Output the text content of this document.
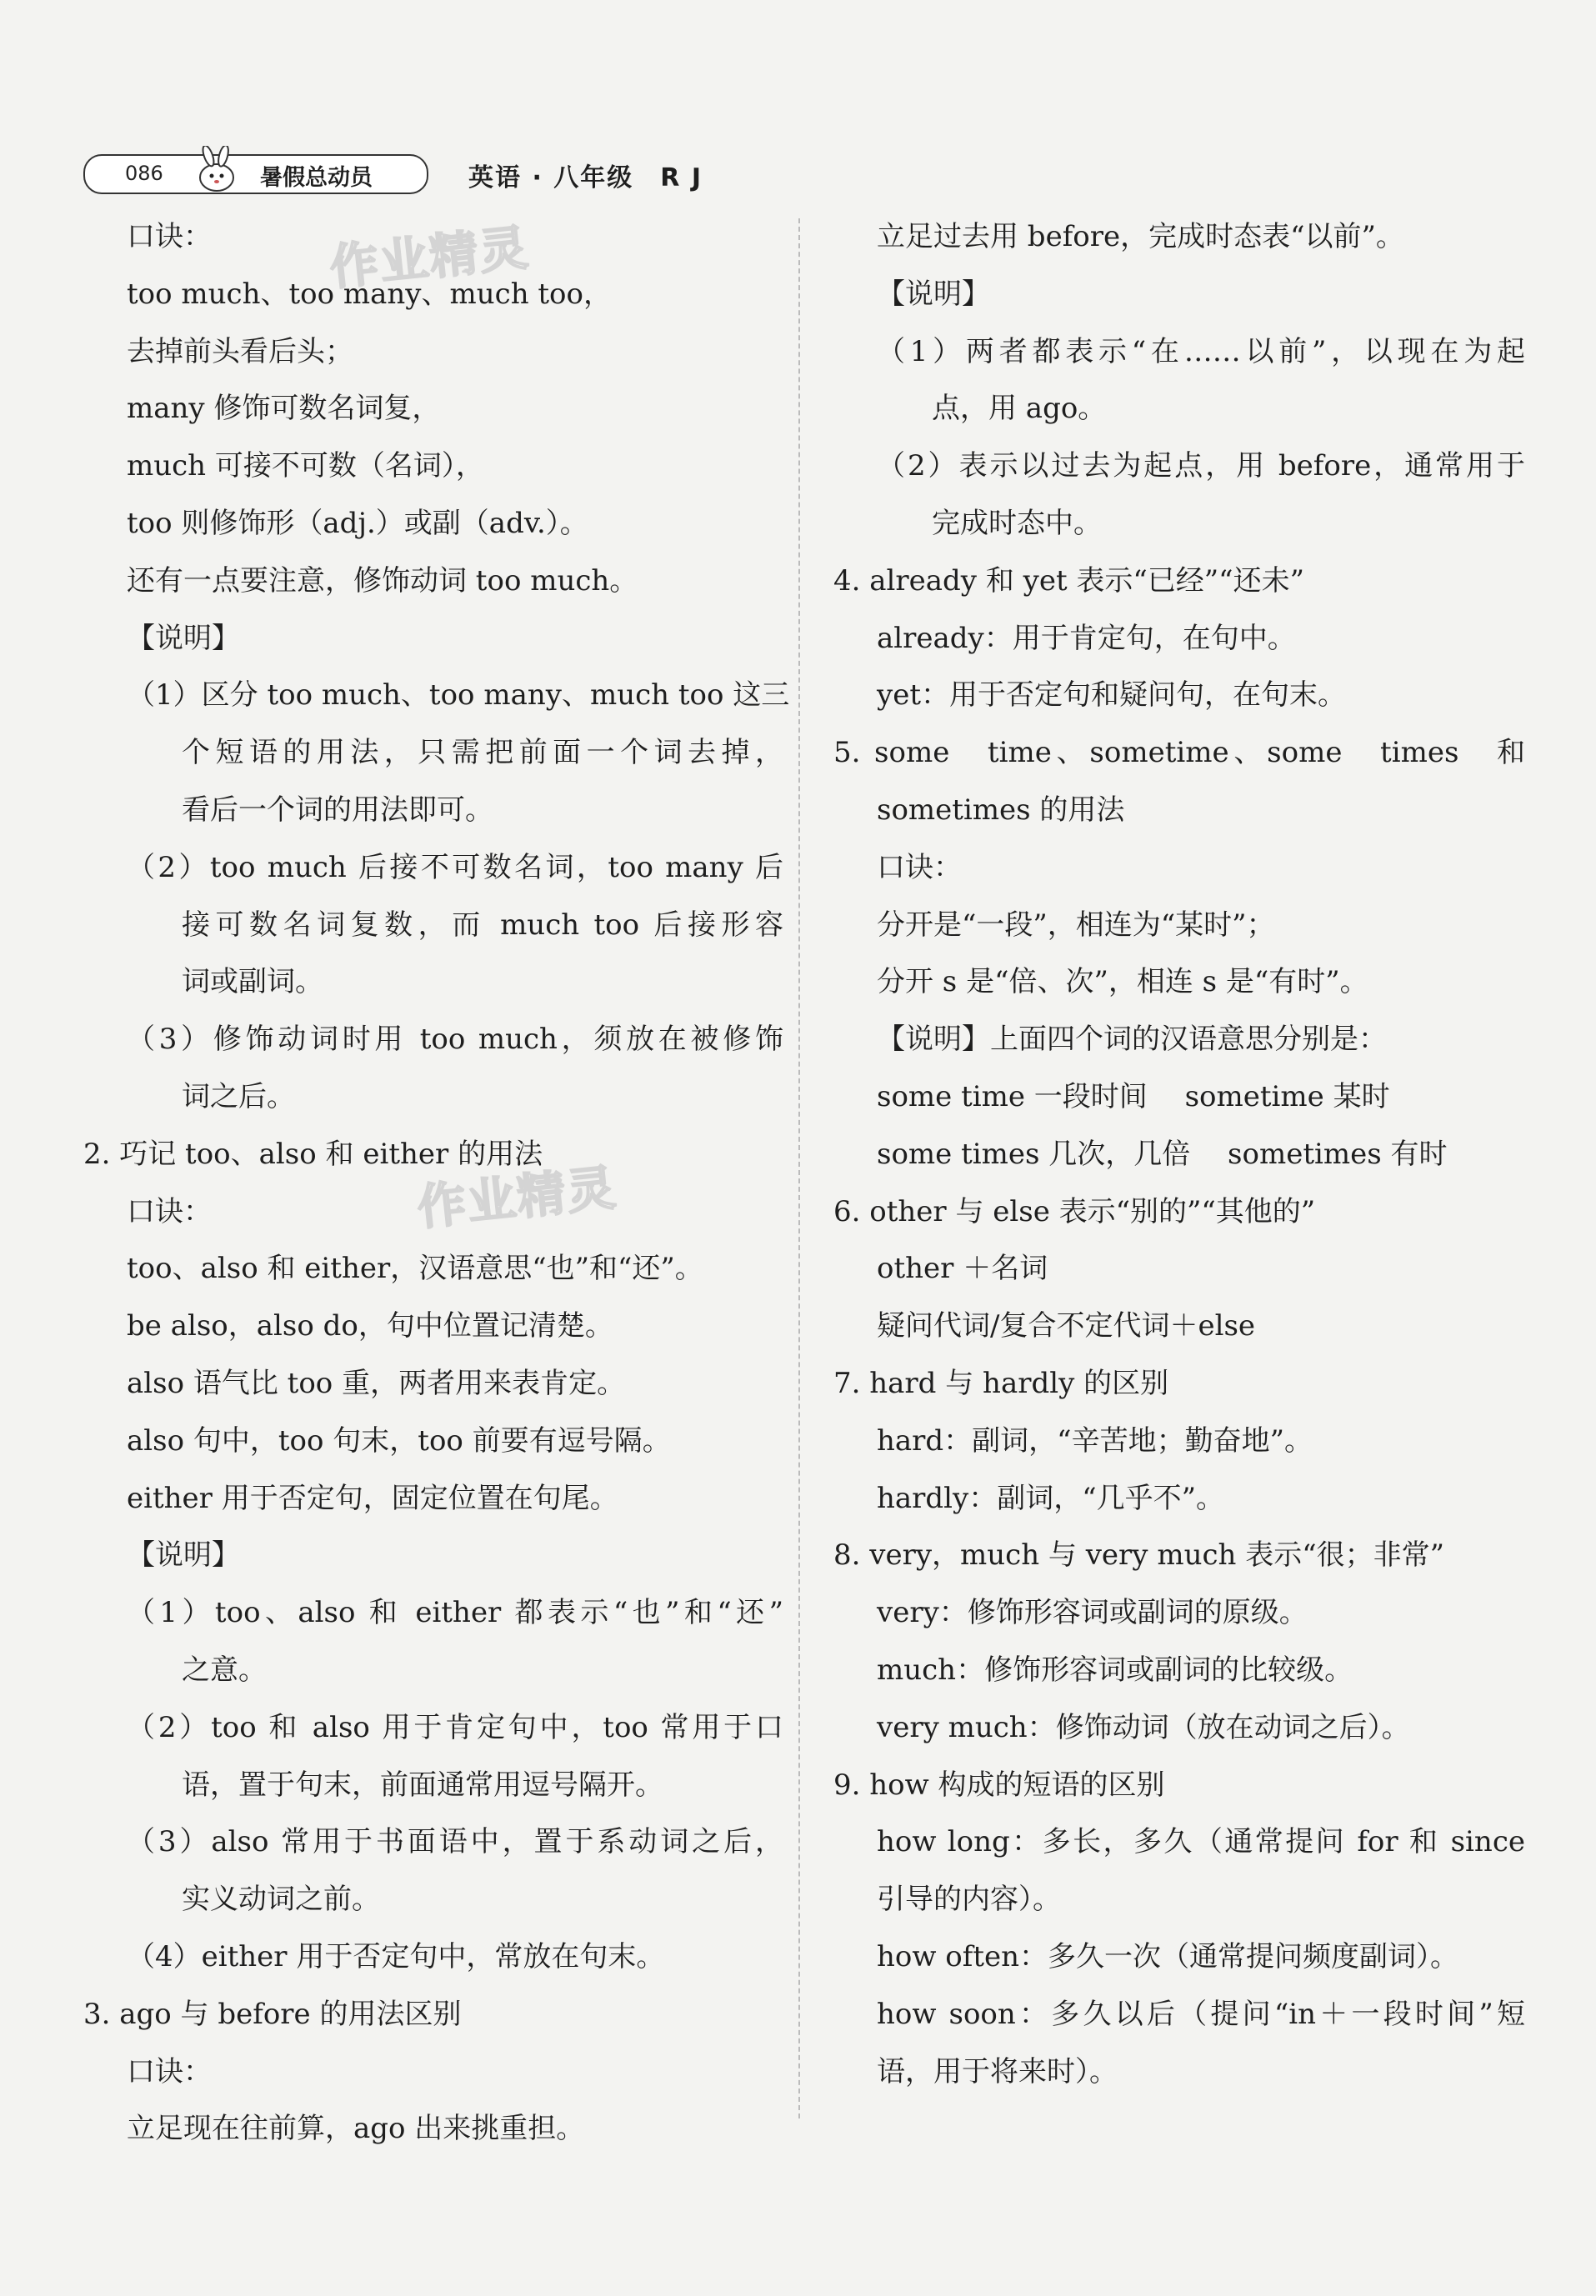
086	暑假总动员	英语 · 八年级　R J
作业精灵
作业精灵
口诀：
too much、too many、much too，
去掉前头看后头；
many 修饰可数名词复，
much 可接不可数（名词），
too 则修饰形（adj.）或副（adv.）。
还有一点要注意，修饰动词 too much。
【说明】
（1）区分 too much、too many、much too 这三
个短语的用法，只需把前面一个词去掉，
看后一个词的用法即可。
（2）too much 后接不可数名词，too many 后
接可数名词复数，而 much too 后接形容
词或副词。
（3）修饰动词时用 too much，须放在被修饰
词之后。
2. 巧记 too、also 和 either 的用法
口诀：
too、also 和 either，汉语意思“也”和“还”。
be also，also do，句中位置记清楚。
also 语气比 too 重，两者用来表肯定。
also 句中，too 句末，too 前要有逗号隔。
either 用于否定句，固定位置在句尾。
【说明】
（1）too、also 和 either 都表示“也”和“还”
之意。
（2）too 和 also 用于肯定句中，too 常用于口
语，置于句末，前面通常用逗号隔开。
（3）also 常用于书面语中，置于系动词之后，
实义动词之前。
（4）either 用于否定句中，常放在句末。
3. ago 与 before 的用法区别
口诀：
立足现在往前算，ago 出来挑重担。
立足过去用 before，完成时态表“以前”。
【说明】
（1）两者都表示“在……以前”，以现在为起
点，用 ago。
（2）表示以过去为起点，用 before，通常用于
完成时态中。
4. already 和 yet 表示“已经”“还未”
already：用于肯定句，在句中。
yet：用于否定句和疑问句，在句末。
5. some　time、sometime、some　times　和
sometimes 的用法
口诀：
分开是“一段”，相连为“某时”；
分开 s 是“倍、次”，相连 s 是“有时”。
【说明】上面四个词的汉语意思分别是：
some time 一段时间　 sometime 某时
some times 几次，几倍　 sometimes 有时
6. other 与 else 表示“别的”“其他的”
other ＋名词
疑问代词/复合不定代词＋else
7. hard 与 hardly 的区别
hard：副词，“辛苦地；勤奋地”。
hardly：副词，“几乎不”。
8. very，much 与 very much 表示“很；非常”
very：修饰形容词或副词的原级。
much：修饰形容词或副词的比较级。
very much：修饰动词（放在动词之后）。
9. how 构成的短语的区别
how long：多长，多久（通常提问 for 和 since
引导的内容）。
how often：多久一次（通常提问频度副词）。
how soon：多久以后（提问“in＋一段时间”短
语，用于将来时）。
